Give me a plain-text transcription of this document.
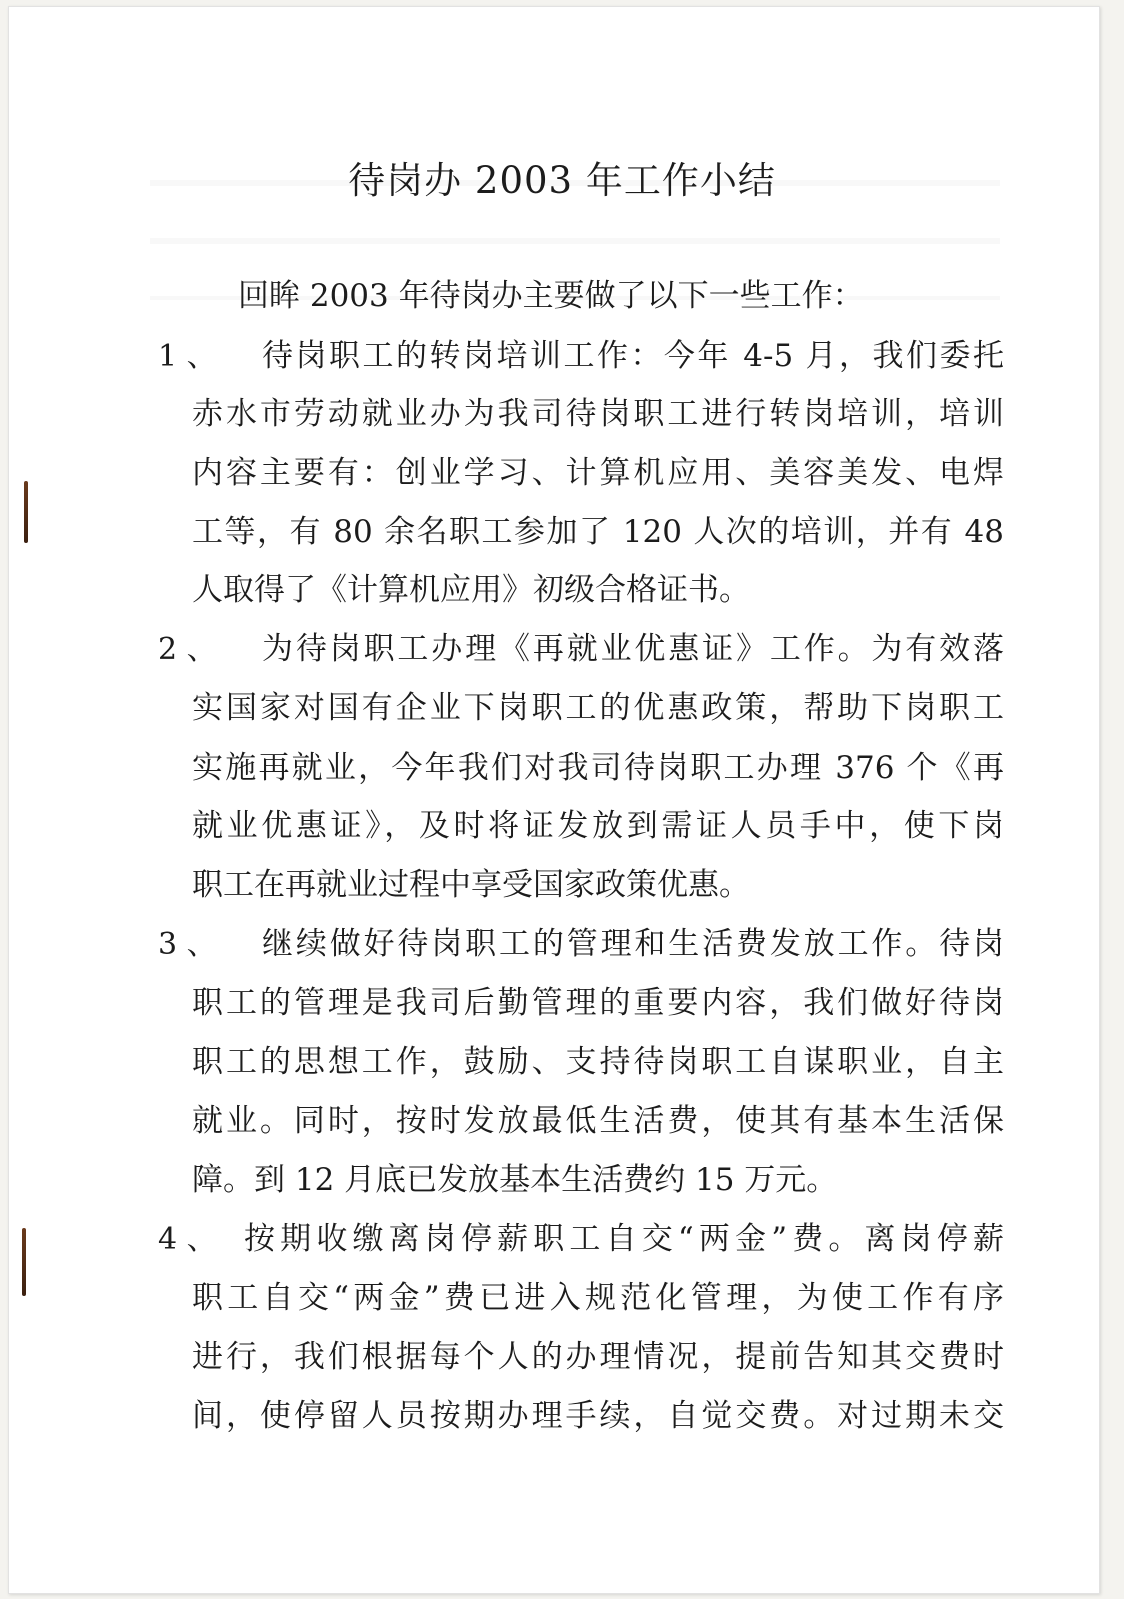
待岗办 2003 年工作小结
回眸 2003 年待岗办主要做了以下一些工作：
1 、 待岗职工的转岗培训工作：今年 4-5 月，我们委托
赤水市劳动就业办为我司待岗职工进行转岗培训，培训
内容主要有：创业学习、计算机应用、美容美发、电焊
工等，有 80 余名职工参加了 120 人次的培训，并有 48
人取得了《计算机应用》初级合格证书。
2 、 为待岗职工办理《再就业优惠证》工作。为有效落
实国家对国有企业下岗职工的优惠政策，帮助下岗职工
实施再就业，今年我们对我司待岗职工办理 376 个《再
就业优惠证》，及时将证发放到需证人员手中，使下岗
职工在再就业过程中享受国家政策优惠。
3 、 继续做好待岗职工的管理和生活费发放工作。待岗
职工的管理是我司后勤管理的重要内容，我们做好待岗
职工的思想工作，鼓励、支持待岗职工自谋职业，自主
就业。同时，按时发放最低生活费，使其有基本生活保
障。到 12 月底已发放基本生活费约 15 万元。
4 、 按期收缴离岗停薪职工自交“两金”费。离岗停薪
职工自交“两金”费已进入规范化管理，为使工作有序
进行，我们根据每个人的办理情况，提前告知其交费时
间，使停留人员按期办理手续，自觉交费。对过期未交
